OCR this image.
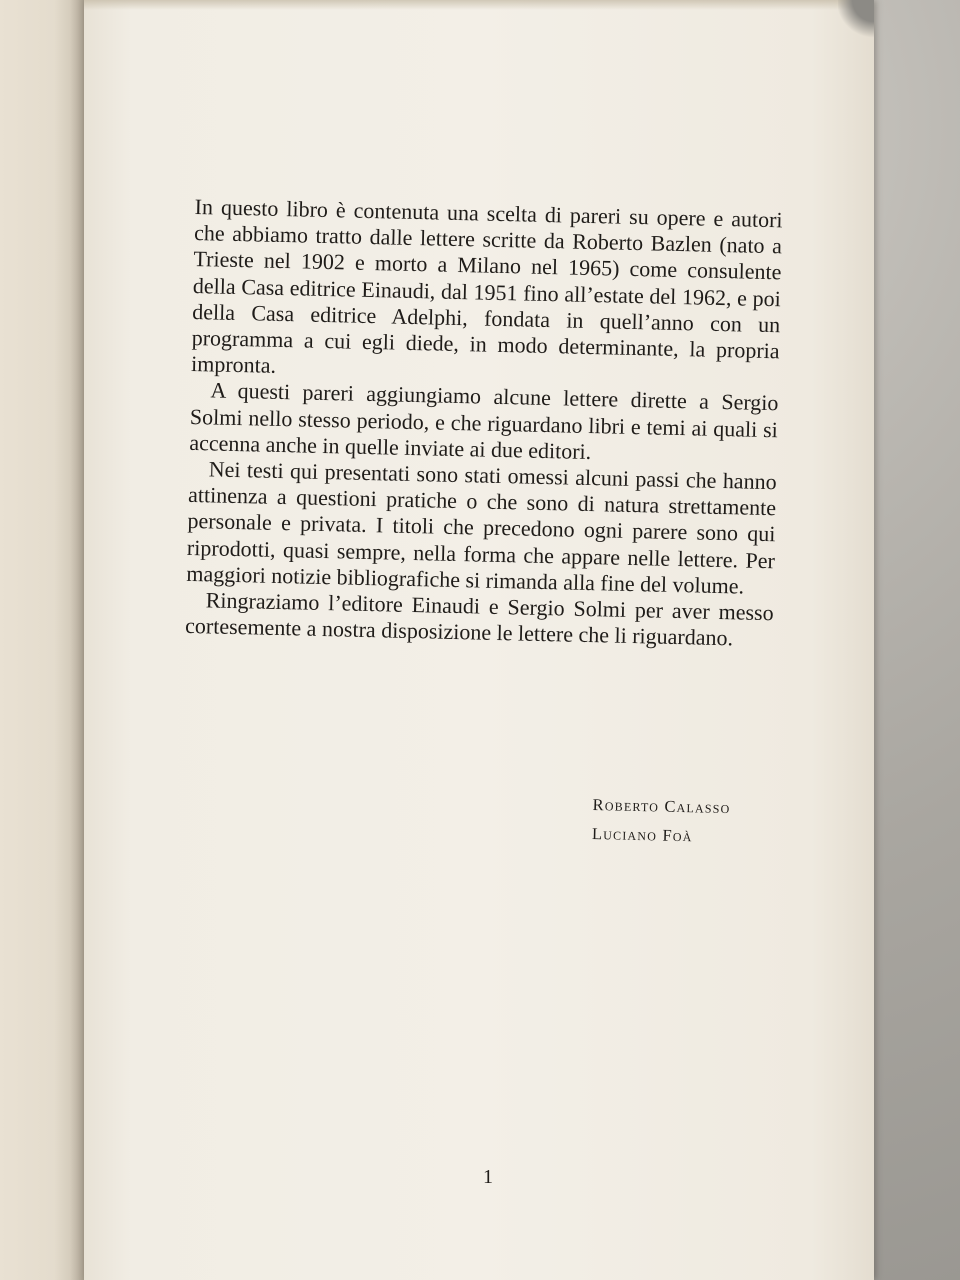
In questo libro è contenuta una scelta di pareri su opere e autori che abbiamo tratto dalle lettere scritte da Roberto Bazlen (nato a Trieste nel 1902 e morto a Milano nel 1965) come consulente della Casa editrice Einaudi, dal 1951 fino all’estate del 1962, e poi della Casa editrice Adelphi, fondata in quell’anno con un programma a cui egli diede, in modo determinante, la propria impronta.

A questi pareri aggiungiamo alcune lettere dirette a Sergio Solmi nello stesso periodo, e che riguardano libri e temi ai quali si accenna anche in quelle inviate ai due editori.

Nei testi qui presentati sono stati omessi alcuni passi che hanno attinenza a questioni pratiche o che sono di natura strettamente personale e privata. I titoli che precedono ogni parere sono qui riprodotti, quasi sempre, nella forma che appare nelle lettere. Per maggiori notizie bibliografiche si rimanda alla fine del volume.

Ringraziamo l’editore Einaudi e Sergio Solmi per aver messo cortesemente a nostra disposizione le lettere che li riguardano.

Roberto Calasso
Luciano Foà
1
